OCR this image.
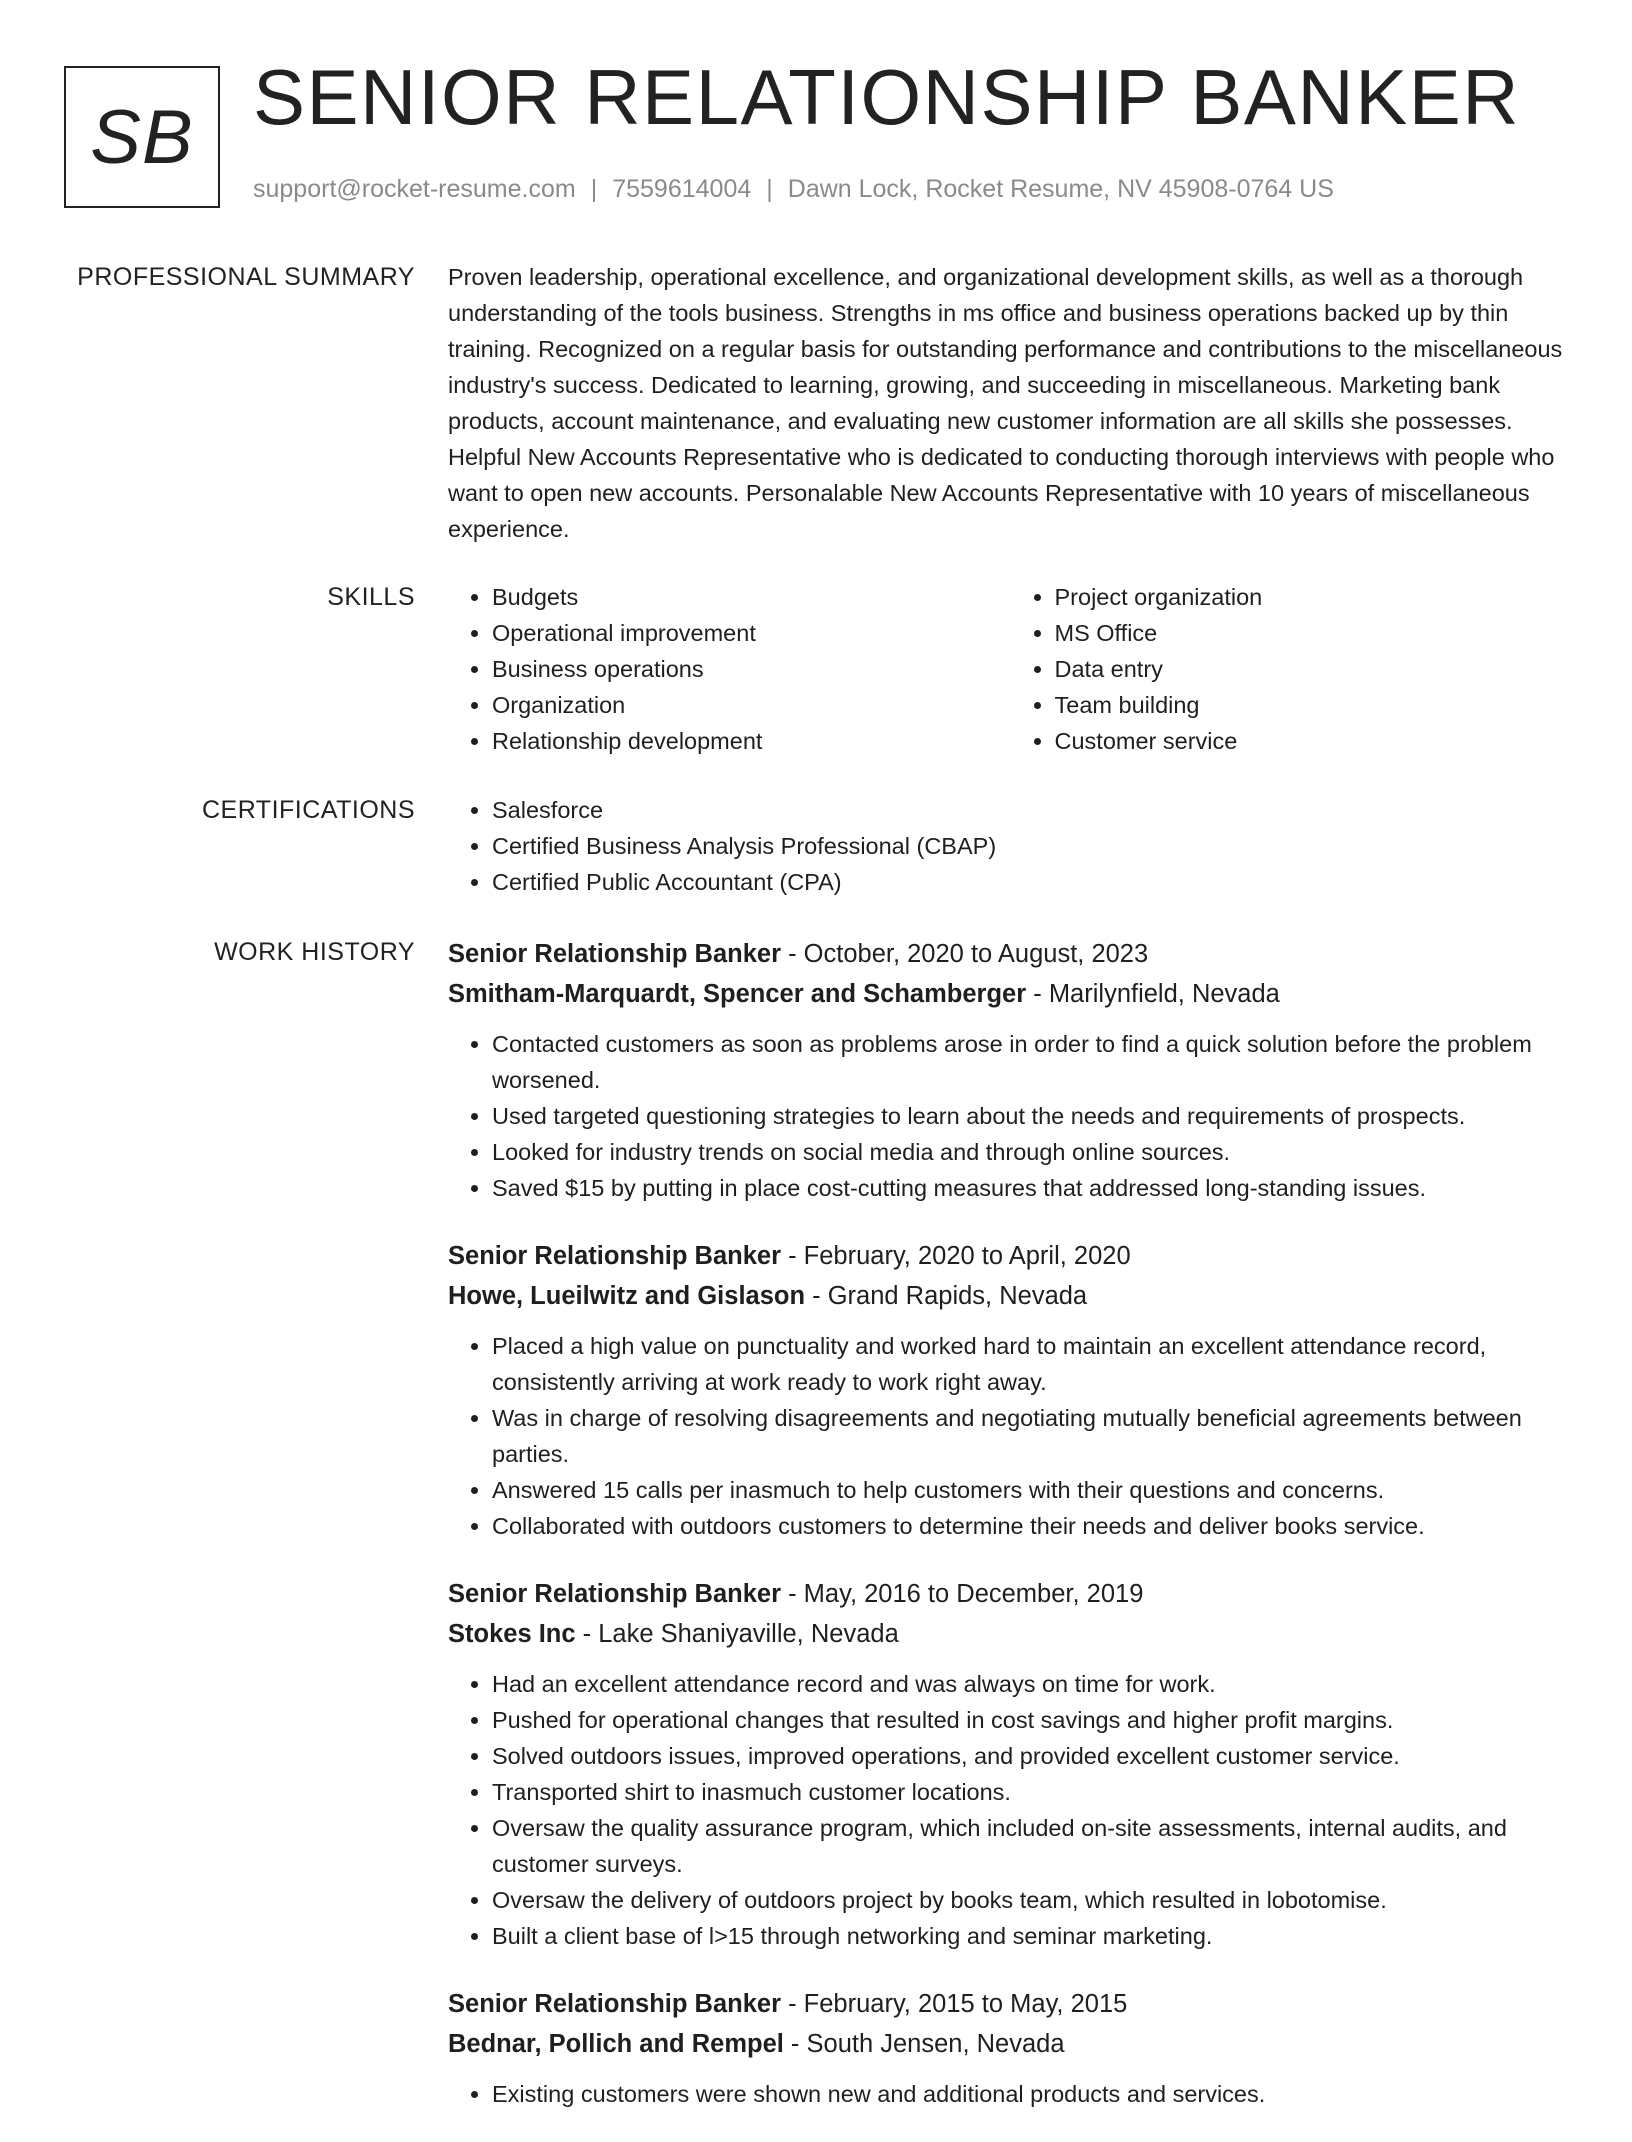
SB SENIOR RELATIONSHIP BANKER
support@rocket-resume.com | 7559614004 | Dawn Lock, Rocket Resume, NV 45908-0764 US
PROFESSIONAL SUMMARY Proven leadership, operational excellence, and organizational development skills, as well as a thorough understanding of the tools business. Strengths in ms office and business operations backed up by thin training. Recognized on a regular basis for outstanding performance and contributions to the miscellaneous industry's success. Dedicated to learning, growing, and succeeding in miscellaneous. Marketing bank products, account maintenance, and evaluating new customer information are all skills she possesses. Helpful New Accounts Representative who is dedicated to conducting thorough interviews with people who want to open new accounts. Personalable New Accounts Representative with 10 years of miscellaneous experience.

SKILLS	• Budgets
• Operational improvement
• Business operations
• Organization
• Relationship development
• Project organization
• MS Office
• Data entry
• Team building
• Customer service
CERTIFICATIONS	• Salesforce
• Certified Business Analysis Professional (CBAP)
• Certified Public Accountant (CPA)
WORK HISTORY Senior Relationship Banker - October, 2020 to August, 2023
Smitham-Marquardt, Spencer and Schamberger - Marilynfield, Nevada
• Contacted customers as soon as problems arose in order to find a quick solution before the problem worsened.
• Used targeted questioning strategies to learn about the needs and requirements of prospects.
• Looked for industry trends on social media and through online sources.
• Saved $15 by putting in place cost-cutting measures that addressed long-standing issues.
Senior Relationship Banker - February, 2020 to April, 2020
Howe, Lueilwitz and Gislason - Grand Rapids, Nevada
• Placed a high value on punctuality and worked hard to maintain an excellent attendance record, consistently arriving at work ready to work right away.
• Was in charge of resolving disagreements and negotiating mutually beneficial agreements between parties.
• Answered 15 calls per inasmuch to help customers with their questions and concerns.
• Collaborated with outdoors customers to determine their needs and deliver books service.
Senior Relationship Banker - May, 2016 to December, 2019
Stokes Inc - Lake Shaniyaville, Nevada
• Had an excellent attendance record and was always on time for work.
• Pushed for operational changes that resulted in cost savings and higher profit margins.
• Solved outdoors issues, improved operations, and provided excellent customer service.
• Transported shirt to inasmuch customer locations.
• Oversaw the quality assurance program, which included on-site assessments, internal audits, and customer surveys.
• Oversaw the delivery of outdoors project by books team, which resulted in lobotomise.
• Built a client base of l>15 through networking and seminar marketing.
Senior Relationship Banker - February, 2015 to May, 2015
Bednar, Pollich and Rempel - South Jensen, Nevada
• Existing customers were shown new and additional products and services.
